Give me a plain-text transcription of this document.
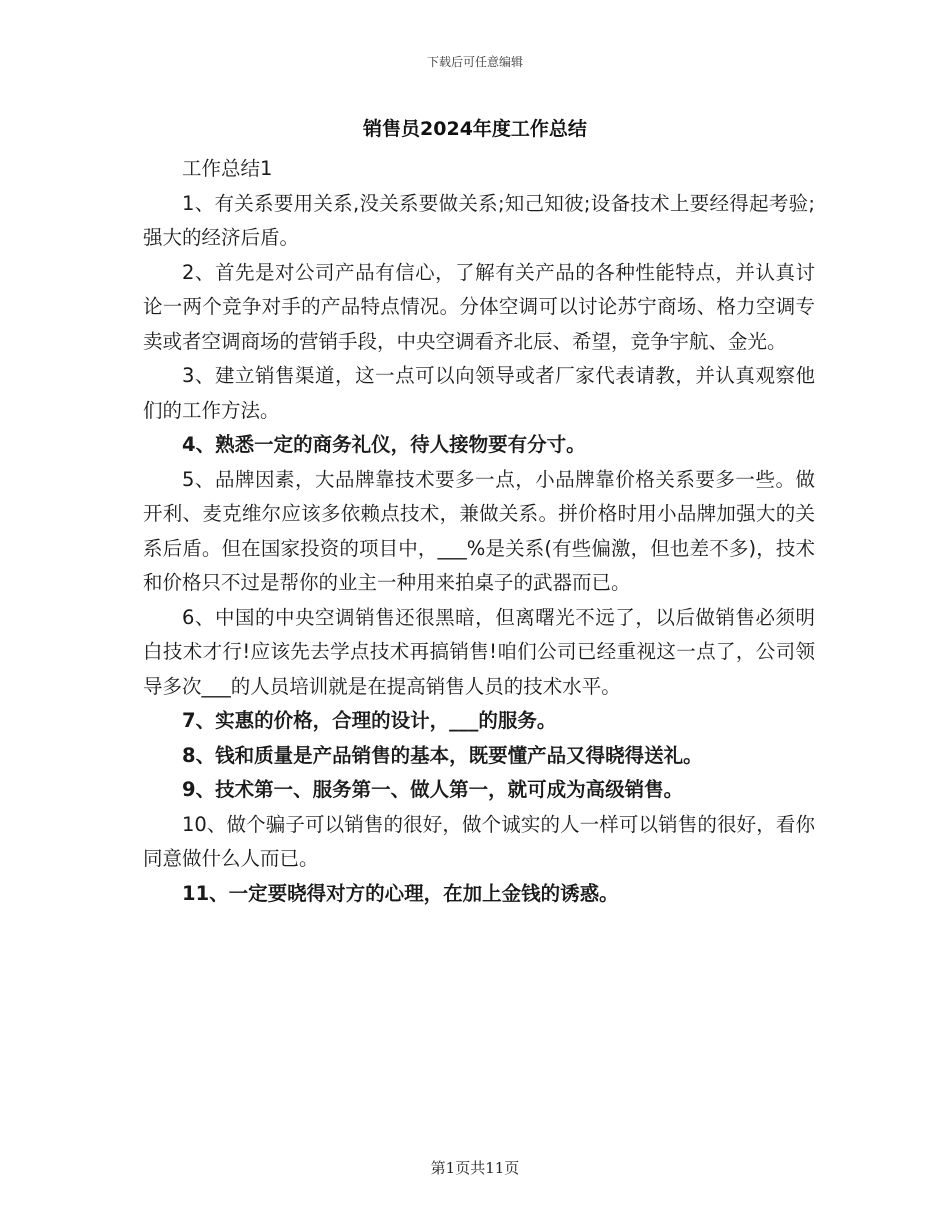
下载后可任意编辑
销售员2024年度工作总结

工作总结1

1、有关系要用关系,没关系要做关系;知己知彼;设备技术上要经得起考验;强大的经济后盾。

2、首先是对公司产品有信心，了解有关产品的各种性能特点，并认真讨论一两个竞争对手的产品特点情况。分体空调可以讨论苏宁商场、格力空调专卖或者空调商场的营销手段，中央空调看齐北辰、希望，竞争宇航、金光。

3、建立销售渠道，这一点可以向领导或者厂家代表请教，并认真观察他们的工作方法。

4、熟悉一定的商务礼仪，待人接物要有分寸。

5、品牌因素，大品牌靠技术要多一点，小品牌靠价格关系要多一些。做开利、麦克维尔应该多依赖点技术，兼做关系。拼价格时用小品牌加强大的关系后盾。但在国家投资的项目中，___%是关系(有些偏激，但也差不多)，技术和价格只不过是帮你的业主一种用来拍桌子的武器而已。

6、中国的中央空调销售还很黑暗，但离曙光不远了，以后做销售必须明白技术才行!应该先去学点技术再搞销售!咱们公司已经重视这一点了，公司领导多次___的人员培训就是在提高销售人员的技术水平。

7、实惠的价格，合理的设计，___的服务。

8、钱和质量是产品销售的基本，既要懂产品又得晓得送礼。

9、技术第一、服务第一、做人第一，就可成为高级销售。

10、做个骗子可以销售的很好，做个诚实的人一样可以销售的很好，看你同意做什么人而已。

11、一定要晓得对方的心理，在加上金钱的诱惑。

第1页共11页
